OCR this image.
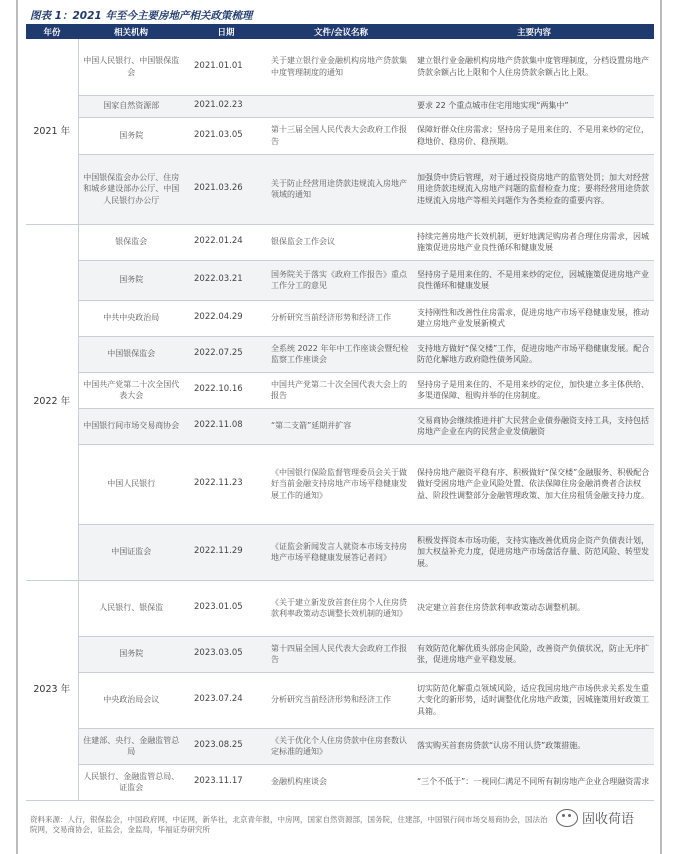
图表 1：2021 年至今主要房地产相关政策梳理
年份	相关机构	日期	文件/会议名称	主要内容
2021 年	中国人民银行、中国银保监会	2021.01.01	关于建立银行业金融机构房地产贷款集中度管理制度的通知	建立银行业金融机构房地产贷款集中度管理制度，分档设置房地产贷款余额占比上限和个人住房贷款余额占比上限。
	国家自然资源部	2021.02.23		要求 22 个重点城市住宅用地实现“两集中”
	国务院	2021.03.05	第十三届全国人民代表大会政府工作报告	保障好群众住房需求；坚持房子是用来住的、不是用来炒的定位，稳地价、稳房价、稳预期。
	中国银保监会办公厅、住房和城乡建设部办公厅、中国人民银行办公厅	2021.03.26	关于防止经营用途贷款违规流入房地产领域的通知	加强贷中贷后管理，对于通过投资房地产的监管处罚；加大对经营用途贷款违规流入房地产问题的监督检查力度；要将经营用途贷款违规流入房地产等相关问题作为各类检查的重要内容。
2022 年	银保监会	2022.01.24	银保监会工作会议	持续完善房地产长效机制，更好地满足购房者合理住房需求，因城施策促进房地产业良性循环和健康发展
	国务院	2022.03.21	国务院关于落实《政府工作报告》重点工作分工的意见	坚持房子是用来住的、不是用来炒的定位，因城施策促进房地产业良性循环和健康发展
	中共中央政治局	2022.04.29	分析研究当前经济形势和经济工作	支持刚性和改善性住房需求，促进房地产市场平稳健康发展，推动建立房地产业发展新模式
	中国银保监会	2022.07.25	全系统 2022 年年中工作座谈会暨纪检监察工作座谈会	支持地方做好“保交楼”工作，促进房地产市场平稳健康发展。配合防范化解地方政府隐性债务风险。
	中国共产党第二十次全国代表大会	2022.10.16	中国共产党第二十次全国代表大会上的报告	坚持房子是用来住的、不是用来炒的定位，加快建立多主体供给、多渠道保障、租购并举的住房制度。
	中国银行间市场交易商协会	2022.11.08	“第二支箭”延期并扩容	交易商协会继续推进并扩大民营企业债券融资支持工具，支持包括房地产企业在内的民营企业发债融资
	中国人民银行	2022.11.23	《中国银行保险监督管理委员会关于做好当前金融支持房地产市场平稳健康发展工作的通知》	保持房地产融资平稳有序、积极做好“保交楼”金融服务、积极配合做好受困房地产企业风险处置、依法保障住房金融消费者合法权益、阶段性调整部分金融管理政策、加大住房租赁金融支持力度。
	中国证监会	2022.11.29	《证监会新闻发言人就资本市场支持房地产市场平稳健康发展答记者问》	积极发挥资本市场功能，支持实施改善优质房企资产负债表计划，加大权益补充力度，促进房地产市场盘活存量、防范风险、转型发展。
2023 年	人民银行、银保监	2023.01.05	《关于建立新发放首套住房个人住房贷款利率政策动态调整长效机制的通知》	决定建立首套住房贷款利率政策动态调整机制。
	国务院	2023.03.05	第十四届全国人民代表大会政府工作报告	有效防范化解优质头部房企风险，改善资产负债状况，防止无序扩张，促进房地产业平稳发展。
	中央政治局会议	2023.07.24	分析研究当前经济形势和经济工作	切实防范化解重点领域风险，适应我国房地产市场供求关系发生重大变化的新形势，适时调整优化房地产政策，因城施策用好政策工具箱。
	住建部、央行、金融监管总局	2023.08.25	《关于优化个人住房贷款中住房套数认定标准的通知》	落实购买首套房贷款“认房不用认贷”政策措施。
	人民银行、金融监管总局、证监会	2023.11.17	金融机构座谈会	“三个不低于”：一视同仁满足不同所有制房地产企业合理融资需求
资料来源：人行，银保监会，中国政府网，中证网，新华社，北京青年报，中房网，国家自然资源部，国务院，住建部，中国银行间市场交易商协会，国法治院网，交易商协会，证监会，金监局，华福证券研究所
固收荷语
